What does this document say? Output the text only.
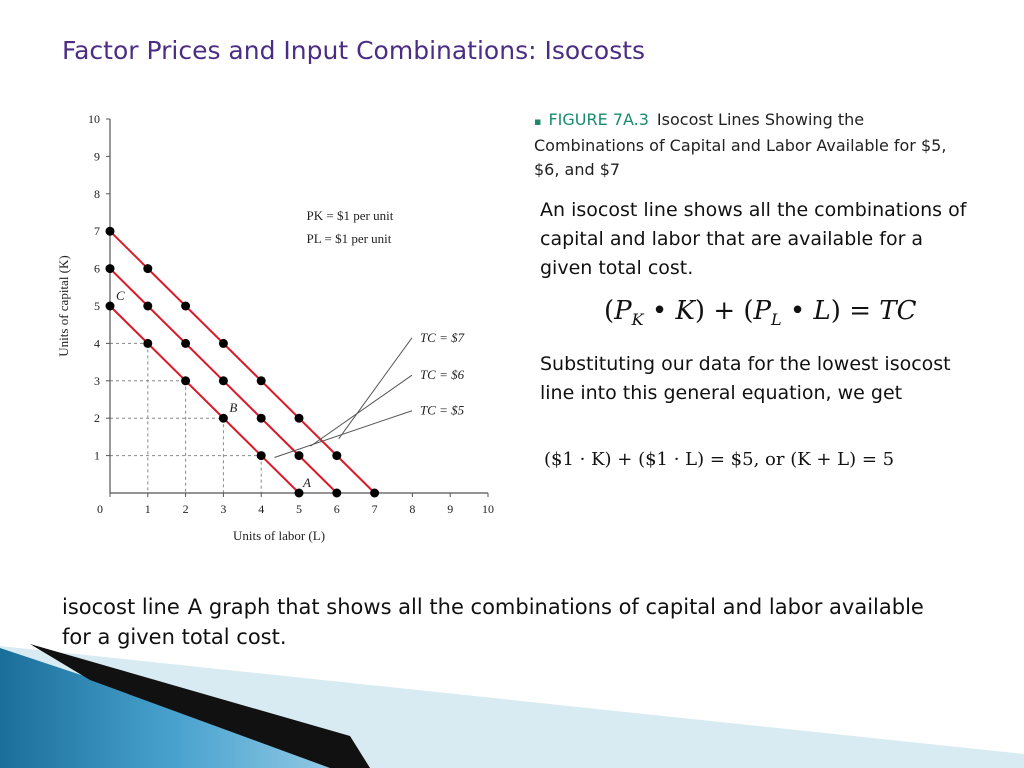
Factor Prices and Input Combinations: Isocosts
0	1	2	3	4	5	6	7	8	9 10
1
2
3
4
5
6
7
8
9
10
Units of labor (L)
Units of capital (K)	TC = $7
TC = $6
TC = $5
A
B
C
PK = $1 per unit
PL = $1 per unit
▪ FIGURE 7A.3 Isocost Lines Showing the Combinations of Capital and Labor Available for $5, $6, and $7
An isocost line shows all the combinations of capital and labor that are available for a given total cost.
($P_K$ • $K) + (P_L$ • L) = TC
Substituting our data for the lowest isocost line into this general equation, we get
($1 · K) + ($1 · L) = $5, or (K + L) = 5
isocost line A graph that shows all the combinations of capital and labor available for a given total cost.
